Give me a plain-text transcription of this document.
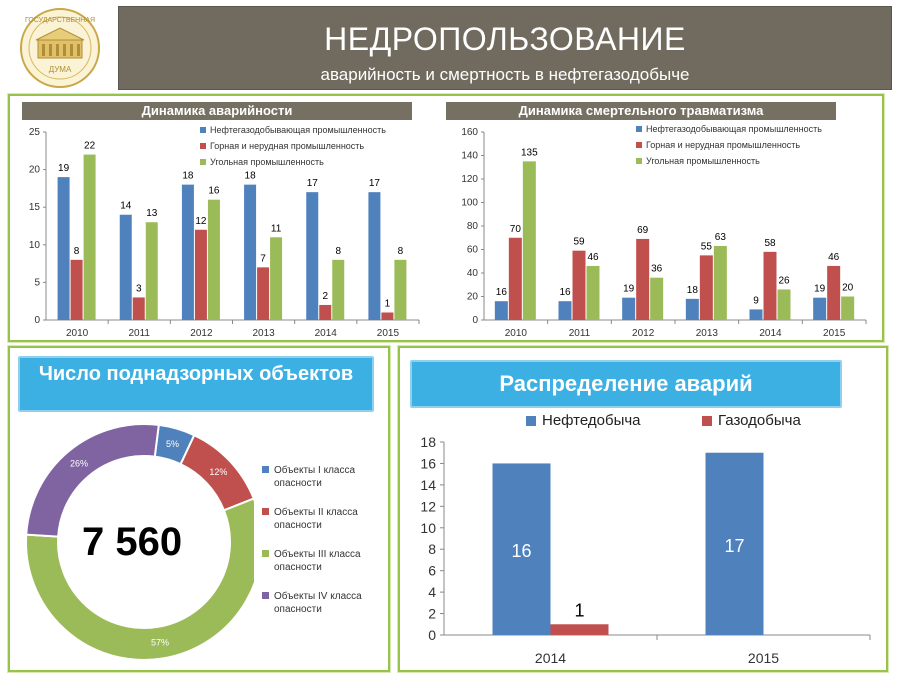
ГОСУДАРСТВЕННАЯ
ДУМА
НЕДРОПОЛЬЗОВАНИЕ
аварийность и смертность в нефтегазодобыче
Динамика аварийности	Динамика смертельного травматизма
0
5
10
15
20
25
2010
19
8
22
2011
14
3
13
2012
18
12
16
2013
18
7
11
2014
17
2
8
2015
17
1
8
Нефтегазодобывающая промышленность
Горная и нерудная промышленность
Угольная промышленность
0
20
40
60
80
100
120
140
160
2010
16
70
135
2011
16
59
46
2012
19
69
36
2013
18
55
63
2014
9
58
26
2015
19
46
20
Нефтегазодобывающая промышленность
Горная и нерудная промышленность
Угольная промышленность
Число поднадзорных объектов
5%
12%
57%
26%
7 560
Объекты I класса опасности
Объекты II класса опасности
Объекты III класса опасности
Объекты IV класса опасности
Распределение аварий
Нефтедобыча	Газодобыча
0
2
4
6
8
10
12
14
16
18
2014
16
1
2015
17
